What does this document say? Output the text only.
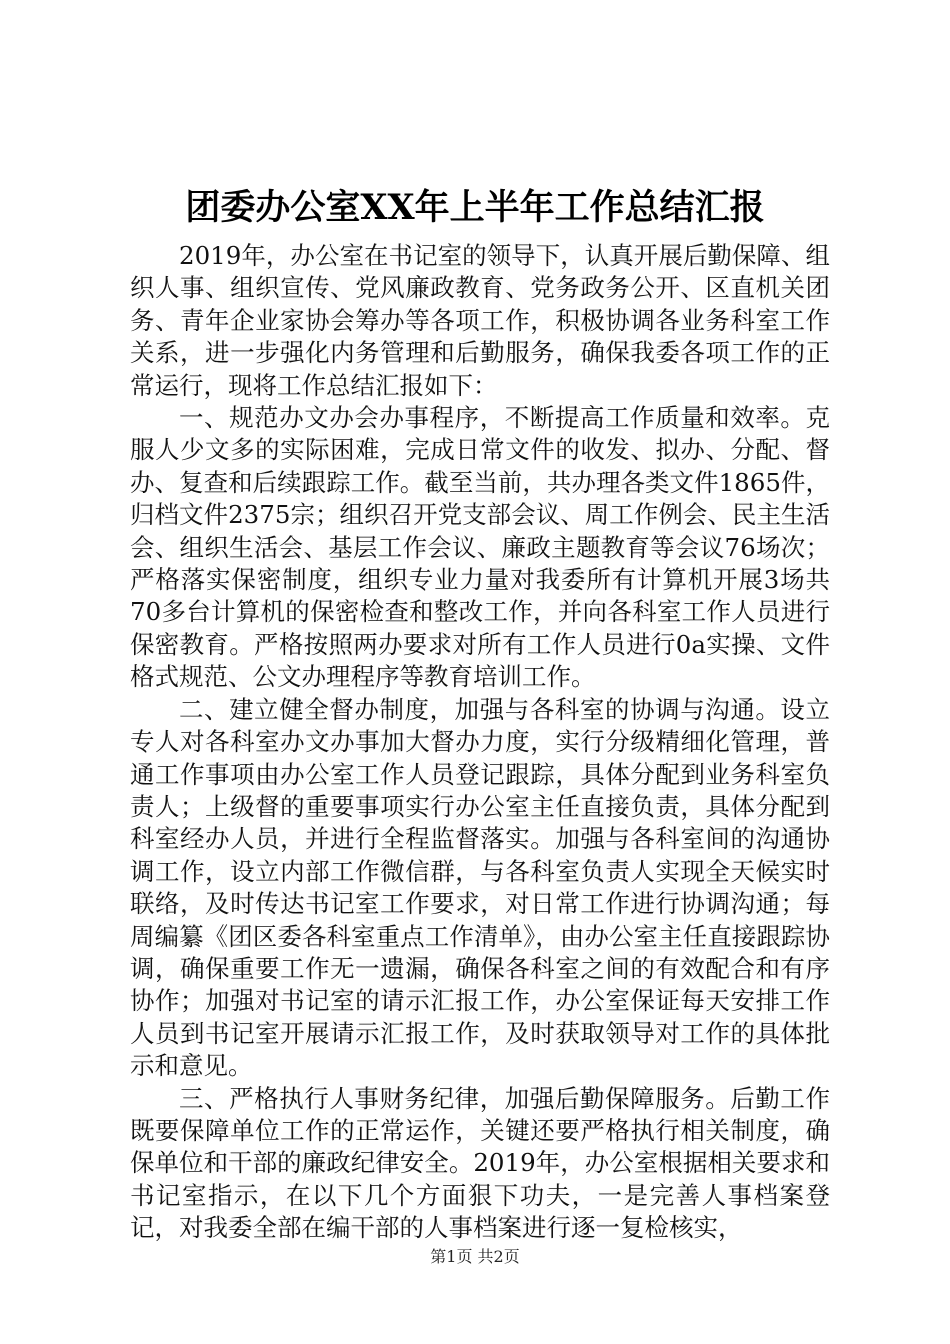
团委办公室XX年上半年工作总结汇报

2019年，办公室在书记室的领导下，认真开展后勤保障、组织人事、组织宣传、党风廉政教育、党务政务公开、区直机关团务、青年企业家协会筹办等各项工作，积极协调各业务科室工作关系，进一步强化内务管理和后勤服务，确保我委各项工作的正常运行，现将工作总结汇报如下：

一、规范办文办会办事程序，不断提高工作质量和效率。克服人少文多的实际困难，完成日常文件的收发、拟办、分配、督办、复查和后续跟踪工作。截至当前，共办理各类文件1865件，归档文件2375宗；组织召开党支部会议、周工作例会、民主生活会、组织生活会、基层工作会议、廉政主题教育等会议76场次；严格落实保密制度，组织专业力量对我委所有计算机开展3场共70多台计算机的保密检查和整改工作，并向各科室工作人员进行保密教育。严格按照两办要求对所有工作人员进行0a实操、文件格式规范、公文办理程序等教育培训工作。

二、建立健全督办制度，加强与各科室的协调与沟通。设立专人对各科室办文办事加大督办力度，实行分级精细化管理，普通工作事项由办公室工作人员登记跟踪，具体分配到业务科室负责人；上级督的重要事项实行办公室主任直接负责，具体分配到科室经办人员，并进行全程监督落实。加强与各科室间的沟通协调工作，设立内部工作微信群，与各科室负责人实现全天候实时联络，及时传达书记室工作要求，对日常工作进行协调沟通；每周编纂《团区委各科室重点工作清单》，由办公室主任直接跟踪协调，确保重要工作无一遗漏，确保各科室之间的有效配合和有序协作；加强对书记室的请示汇报工作，办公室保证每天安排工作人员到书记室开展请示汇报工作，及时获取领导对工作的具体批示和意见。

三、严格执行人事财务纪律，加强后勤保障服务。后勤工作既要保障单位工作的正常运作，关键还要严格执行相关制度，确保单位和干部的廉政纪律安全。2019年，办公室根据相关要求和书记室指示，在以下几个方面狠下功夫，一是完善人事档案登记，对我委全部在编干部的人事档案进行逐一复检核实，

第1页 共2页
